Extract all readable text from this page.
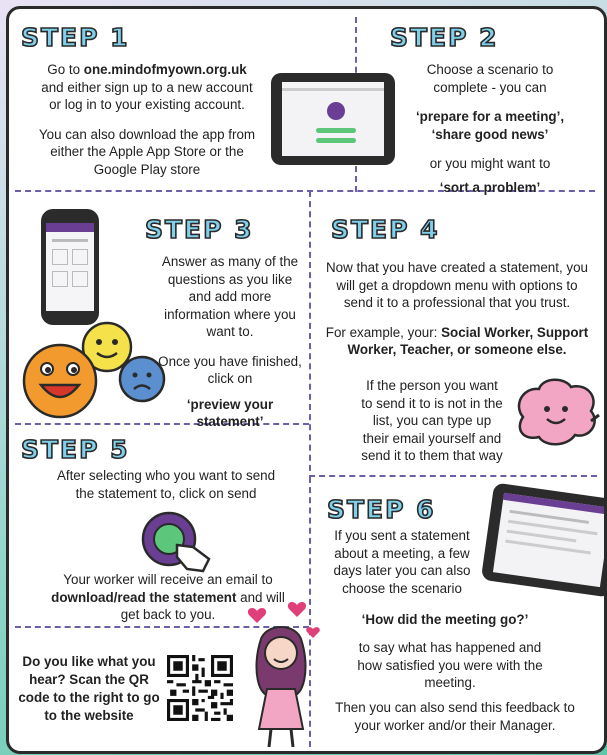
STEP 1

Go to one.mindofmyown.org.uk and either sign up to a new account or log in to your existing account.

You can also download the app from either the Apple App Store or the Google Play store

STEP 2

Choose a scenario to complete - you can

‘prepare for a meeting’,

‘share good news’

or you might want to

‘sort a problem’

STEP 3

Answer as many of the questions as you like and add more information where you want to.

Once you have finished, click on

‘preview your statement’

STEP 4

Now that you have created a statement, you will get a dropdown menu with options to send it to a professional that you trust.

For example, your: Social Worker, Support Worker, Teacher, or someone else.

If the person you want to send it to is not in the list, you can type up their email yourself and send it to them that way
STEP 5
After selecting who you want to send the statement to, click on send
Your worker will receive an email to download/read the statement and will get back to you.
Do you like what you hear? Scan the QR code to the right to go to the website
STEP 6
If you sent a statement about a meeting, a few days later you can also choose the scenario
‘How did the meeting go?’
to say what has happened and how satisfied you were with the meeting.
Then you can also send this feedback to your worker and/or their Manager.
